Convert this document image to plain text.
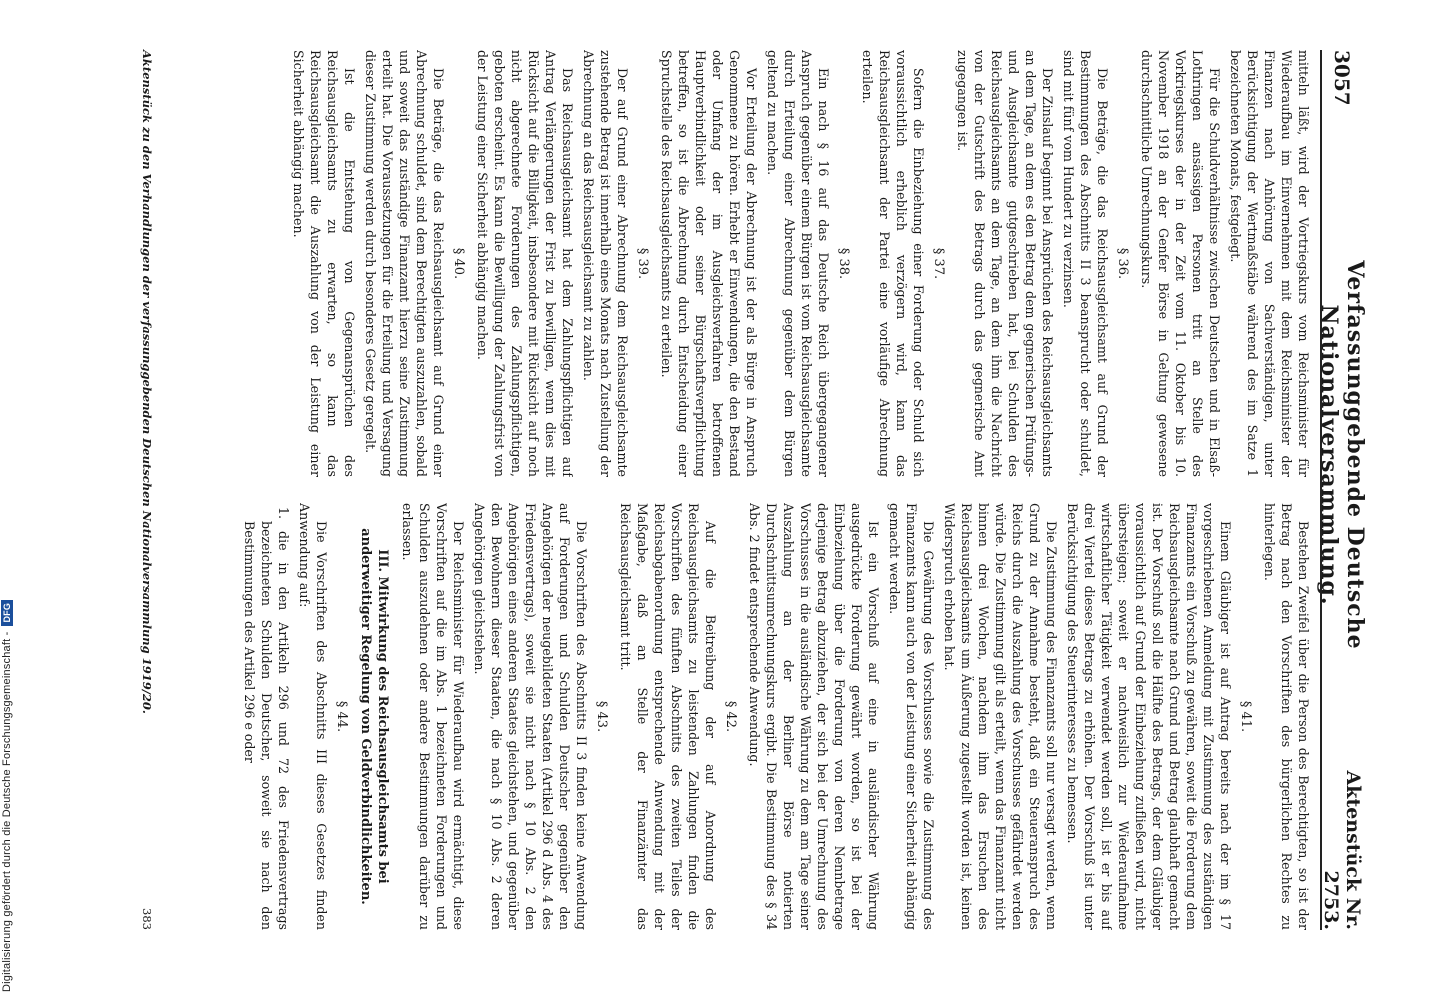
Digitalisierung gefördert durch die Deutsche Forschungsgemeinschaft -
DFG
3057
Verfassunggebende Deutsche Nationalversammlung.
Aktenstück Nr. 2753.

mitteln läßt, wird der Vortriegskurs vom Reichsminister für Wiederaufbau im Einvernehmen mit dem Reichsminister der Finanzen nach Anhörung von Sachverständigen, unter Berücksichtigung der Wertmaßstäbe während des im Satze 1 bezeichneten Monats, festgelegt.

Für die Schuldverhältnisse zwischen Deutschen und in Elsaß-Lothringen ansässigen Personen tritt an Stelle des Vorkriegskurses der in der Zeit vom 11. Oktober bis 10. November 1918 an der Genfer Börse in Geltung gewesene durchschnittliche Umrechnungskurs.

§ 36.

Die Beträge, die das Reichsausgleichsamt auf Grund der Bestimmungen des Abschnitts II 3 beansprucht oder schuldet, sind mit fünf vom Hundert zu verzinsen.

Der Zinslauf beginnt bei Ansprüchen des Reichsausgleichsamts an dem Tage, an dem es den Betrag dem gegnerischen Prüfungs- und Ausgleichsamte gutgeschrieben hat, bei Schulden des Reichsausgleichsamts an dem Tage, an dem ihm die Nachricht von der Gutschrift des Betrags durch das gegnerische Amt zugegangen ist.

§ 37.

Sofern die Einbeziehung einer Forderung oder Schuld sich voraussichtlich erheblich verzögern wird, kann das Reichsausgleichsamt der Partei eine vorläufige Abrechnung erteilen.

§ 38.

Ein nach § 16 auf das Deutsche Reich übergegangener Anspruch gegenüber einem Bürgen ist vom Reichsausgleichsamte durch Erteilung einer Abrechnung gegenüber dem Bürgen geltend zu machen.

Vor Erteilung der Abrechnung ist der als Bürge in Anspruch Genommene zu hören. Erhebt er Einwendungen, die den Bestand oder Umfang der im Ausgleichsverfahren betroffenen Hauptverbindlichkeit oder seiner Bürgschaftsverpflichtung betreffen, so ist die Abrechnung durch Entscheidung einer Spruchstelle des Reichsausgleichsamts zu erteilen.

§ 39.

Der auf Grund einer Abrechnung dem Reichsausgleichsamte zustehende Betrag ist innerhalb eines Monats nach Zustellung der Abrechnung an das Reichsausgleichsamt zu zahlen.

Das Reichsausgleichsamt hat dem Zahlungspflichtigen auf Antrag Verlängerungen der Frist zu bewilligen, wenn dies mit Rücksicht auf die Billigkeit, insbesondere mit Rücksicht auf noch nicht abgerechnete Forderungen des Zahlungspflichtigen, geboten erscheint. Es kann die Bewilligung der Zahlungsfrist von der Leistung einer Sicherheit abhängig machen.

§ 40.

Die Beträge, die das Reichsausgleichsamt auf Grund einer Abrechnung schuldet, sind dem Berechtigten auszuzahlen, sobald und soweit das zuständige Finanzamt hierzu seine Zustimmung erteilt hat. Die Voraussetzungen für die Erteilung und Versagung dieser Zustimmung werden durch besonderes Gesetz geregelt.

Ist die Entstehung von Gegenansprüchen des Reichsausgleichsamts zu erwarten, so kann das Reichsausgleichsamt die Auszahlung von der Leistung einer Sicherheit abhängig machen.

Bestehen Zweifel über die Person des Berechtigten, so ist der Betrag nach den Vorschriften des bürgerlichen Rechtes zu hinterlegen.

§ 41.

Einem Gläubiger ist auf Antrag bereits nach der im § 17 vorgeschriebenen Anmeldung mit Zustimmung des zuständigen Finanzamts ein Vorschuß zu gewähren, soweit die Forderung dem Reichsausgleichsamte nach Grund und Betrag glaubhaft gemacht ist. Der Vorschuß soll die Hälfte des Betrags, der dem Gläubiger voraussichtlich auf Grund der Einbeziehung zufließen wird, nicht übersteigen; soweit er nachweislich zur Wiederaufnahme wirtschaftlicher Tätigkeit verwendet werden soll, ist er bis auf drei Viertel dieses Betrags zu erhöhen. Der Vorschuß ist unter Berücksichtigung des Steuerinteresses zu bemessen.

Die Zustimmung des Finanzamts soll nur versagt werden, wenn Grund zu der Annahme besteht, daß ein Steueranspruch des Reichs durch die Auszahlung des Vorschusses gefährdet werden würde. Die Zustimmung gilt als erteilt, wenn das Finanzamt nicht binnen drei Wochen, nachdem ihm das Ersuchen des Reichsausgleichsamts um Äußerung zugestellt worden ist, keinen Widerspruch erhoben hat.

Die Gewährung des Vorschusses sowie die Zustimmung des Finanzamts kann auch von der Leistung einer Sicherheit abhängig gemacht werden.

Ist ein Vorschuß auf eine in ausländischer Währung ausgedrückte Forderung gewährt worden, so ist bei der Einbeziehung über die Forderung von deren Nennbetrage derjenige Betrag abzuziehen, der sich bei der Umrechnung des Vorschusses in die ausländische Währung zu dem am Tage seiner Auszahlung an der Berliner Börse notierten Durchschnittsumrechnungskurs ergibt. Die Bestimmung des § 34 Abs. 2 findet entsprechende Anwendung.

§ 42.

Auf die Beitreibung der auf Anordnung des Reichsausgleichsamts zu leistenden Zahlungen finden die Vorschriften des fünften Abschnitts des zweiten Teiles der Reichsabgabenordnung entsprechende Anwendung mit der Maßgabe, daß an Stelle der Finanzämter das Reichsausgleichsamt tritt.

§ 43.

Die Vorschriften des Abschnitts II 3 finden keine Anwendung auf Forderungen und Schulden Deutscher gegenüber den Angehörigen der neugebildeten Staaten (Artikel 296 d Abs. 4 des Friedensvertrags), soweit sie nicht nach § 10 Abs. 2 den Angehörigen eines anderen Staates gleichstehen, und gegenüber den Bewohnern dieser Staaten, die nach § 10 Abs. 2 deren Angehörigen gleichstehen.

Der Reichsminister für Wiederaufbau wird ermächtigt, diese Vorschriften auf die im Abs. 1 bezeichneten Forderungen und Schulden auszudehnen oder andere Bestimmungen darüber zu erlassen.

III. Mitwirkung des Reichsausgleichsamts bei anderweitiger Regelung von Geldverbindlichkeiten.
§ 44.

Die Vorschriften des Abschnitts III dieses Gesetzes finden Anwendung auf:

1. die in den Artikeln 296 und 72 des Friedensvertrags bezeichneten Schulden Deutscher, soweit sie nach den Bestimmungen des Artikel 296 e oder

Aktenstück zu den Verhandlungen der verfassunggebenden Deutschen Nationalversammlung 1919/20.
383
